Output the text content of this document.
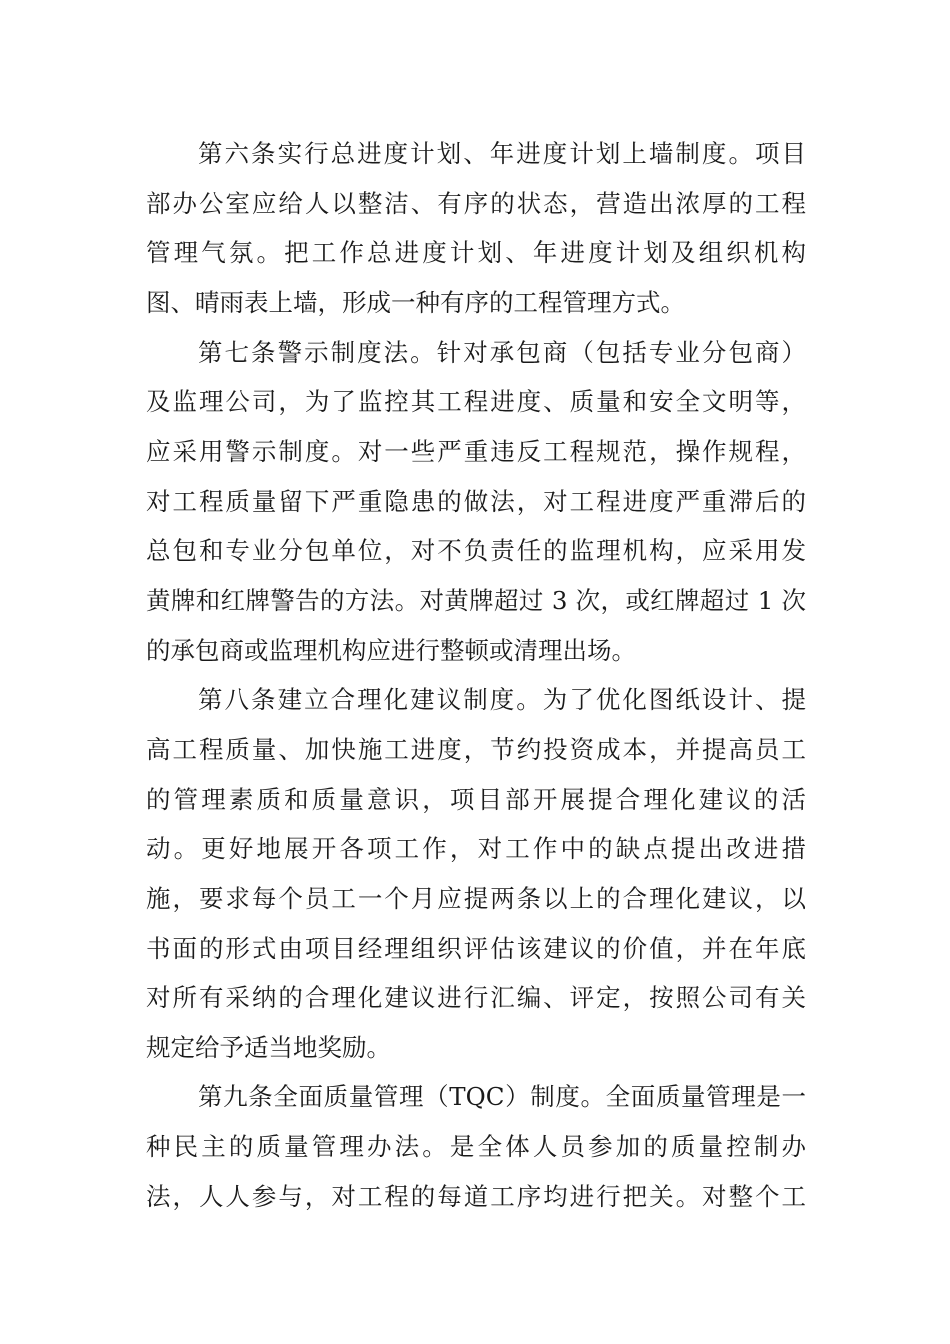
第六条实行总进度计划、年进度计划上墙制度。项目
部办公室应给人以整洁、有序的状态，营造出浓厚的工程
管理气氛。把工作总进度计划、年进度计划及组织机构
图、晴雨表上墙，形成一种有序的工程管理方式。
第七条警示制度法。针对承包商（包括专业分包商）
及监理公司，为了监控其工程进度、质量和安全文明等，
应采用警示制度。对一些严重违反工程规范，操作规程，
对工程质量留下严重隐患的做法，对工程进度严重滞后的
总包和专业分包单位，对不负责任的监理机构，应采用发
黄牌和红牌警告的方法。对黄牌超过 3 次，或红牌超过 1 次
的承包商或监理机构应进行整顿或清理出场。
第八条建立合理化建议制度。为了优化图纸设计、提
高工程质量、加快施工进度，节约投资成本，并提高员工
的管理素质和质量意识，项目部开展提合理化建议的活
动。更好地展开各项工作，对工作中的缺点提出改进措
施，要求每个员工一个月应提两条以上的合理化建议，以
书面的形式由项目经理组织评估该建议的价值，并在年底
对所有采纳的合理化建议进行汇编、评定，按照公司有关
规定给予适当地奖励。
第九条全面质量管理（TQC）制度。全面质量管理是一
种民主的质量管理办法。是全体人员参加的质量控制办
法，人人参与，对工程的每道工序均进行把关。对整个工
